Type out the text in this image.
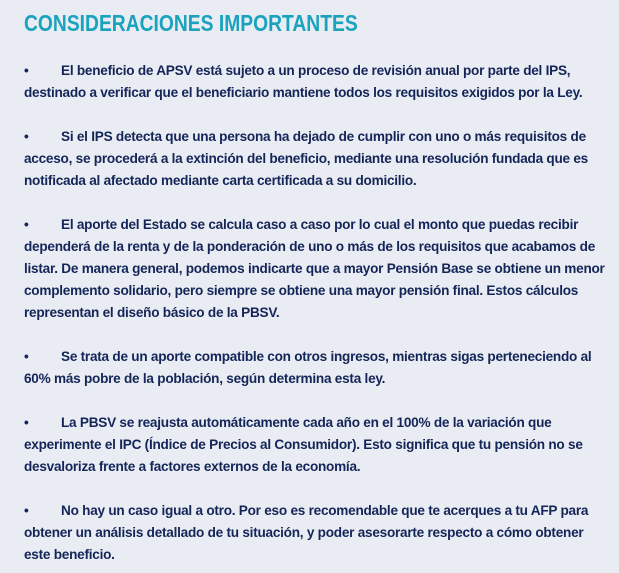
CONSIDERACIONES IMPORTANTES
• El beneficio de APSV está sujeto a un proceso de revisión anual por parte del IPS, destinado a verificar que el beneficiario mantiene todos los requisitos exigidos por la Ley.
• Si el IPS detecta que una persona ha dejado de cumplir con uno o más requisitos de acceso, se procederá a la extinción del beneficio, mediante una resolución fundada que es notificada al afectado mediante carta certificada a su domicilio.
• El aporte del Estado se calcula caso a caso por lo cual el monto que puedas recibir dependerá de la renta y de la ponderación de uno o más de los requisitos que acabamos de listar. De manera general, podemos indicarte que a mayor Pensión Base se obtiene un menor complemento solidario, pero siempre se obtiene una mayor pensión final. Estos cálculos representan el diseño básico de la PBSV.
• Se trata de un aporte compatible con otros ingresos, mientras sigas perteneciendo al 60% más pobre de la población, según determina esta ley.
• La PBSV se reajusta automáticamente cada año en el 100% de la variación que experimente el IPC (Índice de Precios al Consumidor). Esto significa que tu pensión no se desvaloriza frente a factores externos de la economía.
• No hay un caso igual a otro. Por eso es recomendable que te acerques a tu AFP para obtener un análisis detallado de tu situación, y poder asesorarte respecto a cómo obtener este beneficio.
